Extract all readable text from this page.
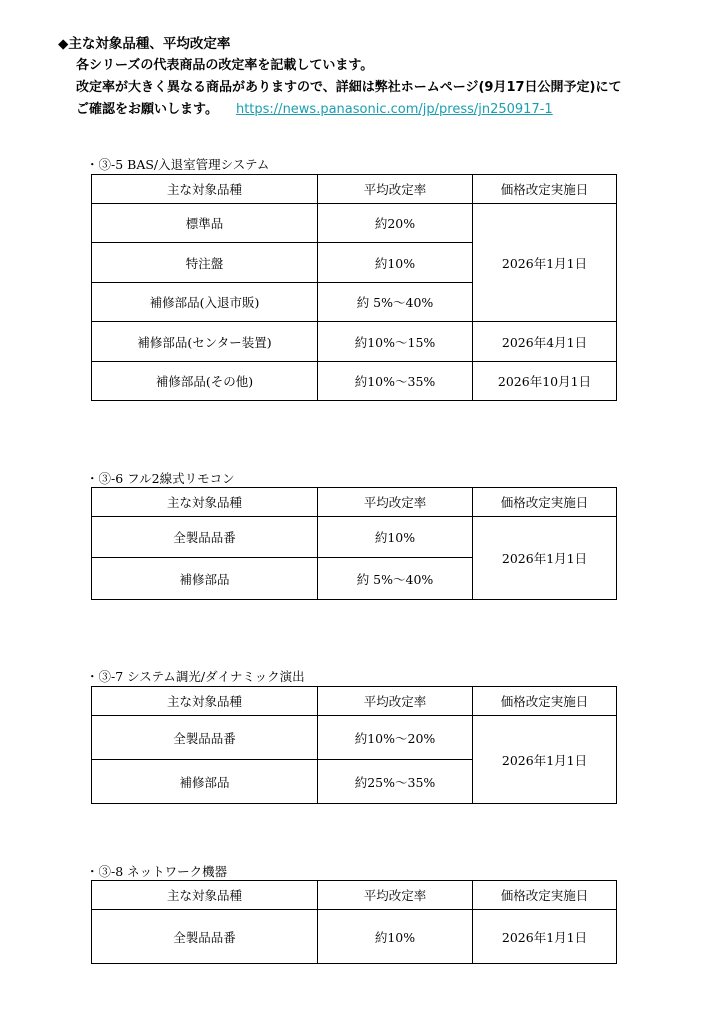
◆主な対象品種、平均改定率
各シリーズの代表商品の改定率を記載しています。
改定率が大きく異なる商品がありますので、詳細は弊社ホームページ(9月17日公開予定)にて
ご確認をお願いします。 https://news.panasonic.com/jp/press/jn250917-1
・③-5 BAS/入退室管理システム
主な対象品種	平均改定率	価格改定実施日
標準品	約20%	2026年1月1日
特注盤	約10%	
補修部品(入退市販)	約 5%～40%	
補修部品(センター装置)	約10%～15%	2026年4月1日
補修部品(その他)	約10%～35%	2026年10月1日
・③-6 フル2線式リモコン
主な対象品種	平均改定率	価格改定実施日
全製品品番	約10%	2026年1月1日
補修部品	約 5%～40%	
・③-7 システム調光/ダイナミック演出
主な対象品種	平均改定率	価格改定実施日
全製品品番	約10%～20%	2026年1月1日
補修部品	約25%～35%	
・③-8 ネットワーク機器
主な対象品種	平均改定率	価格改定実施日
全製品品番	約10%	2026年1月1日
